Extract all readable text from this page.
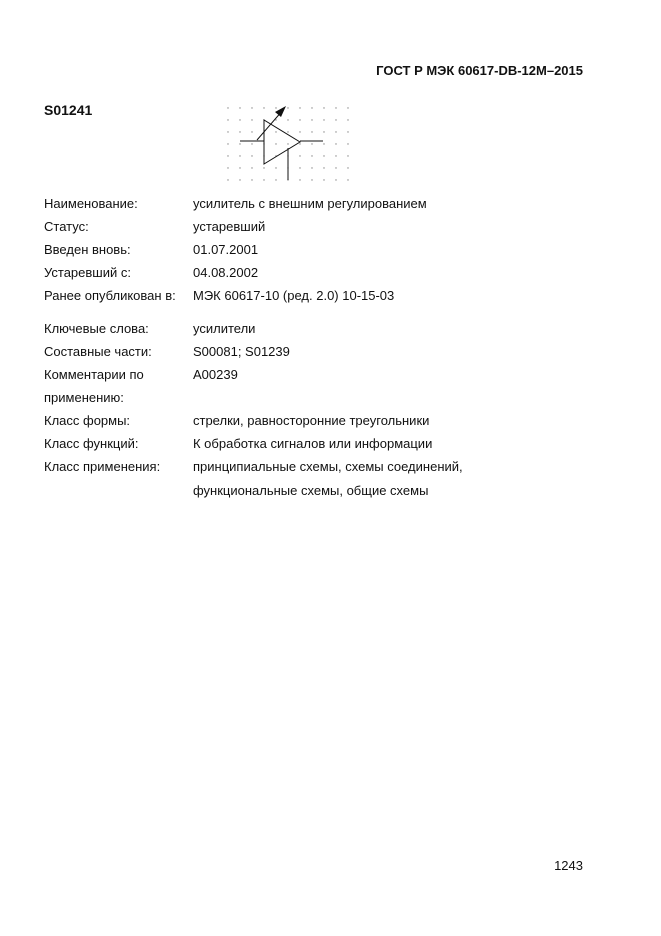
ГОСТ Р МЭК 60617-DB-12M–2015
S01241
Наименование:	усилитель с внешним регулированием
Статус:	устаревший
Введен вновь:	01.07.2001
Устаревший с:	04.08.2002
Ранее опубликован в: МЭК 60617-10 (ред. 2.0) 10-15-03
Ключевые слова:	усилители
Составные части:	S00081; S01239
Комментарии по	A00239
применению:
Класс формы:	стрелки, равносторонние треугольники
Класс функций:	К обработка сигналов или информации
Класс применения:	принципиальные схемы, схемы соединений,
функциональные схемы, общие схемы
1243
